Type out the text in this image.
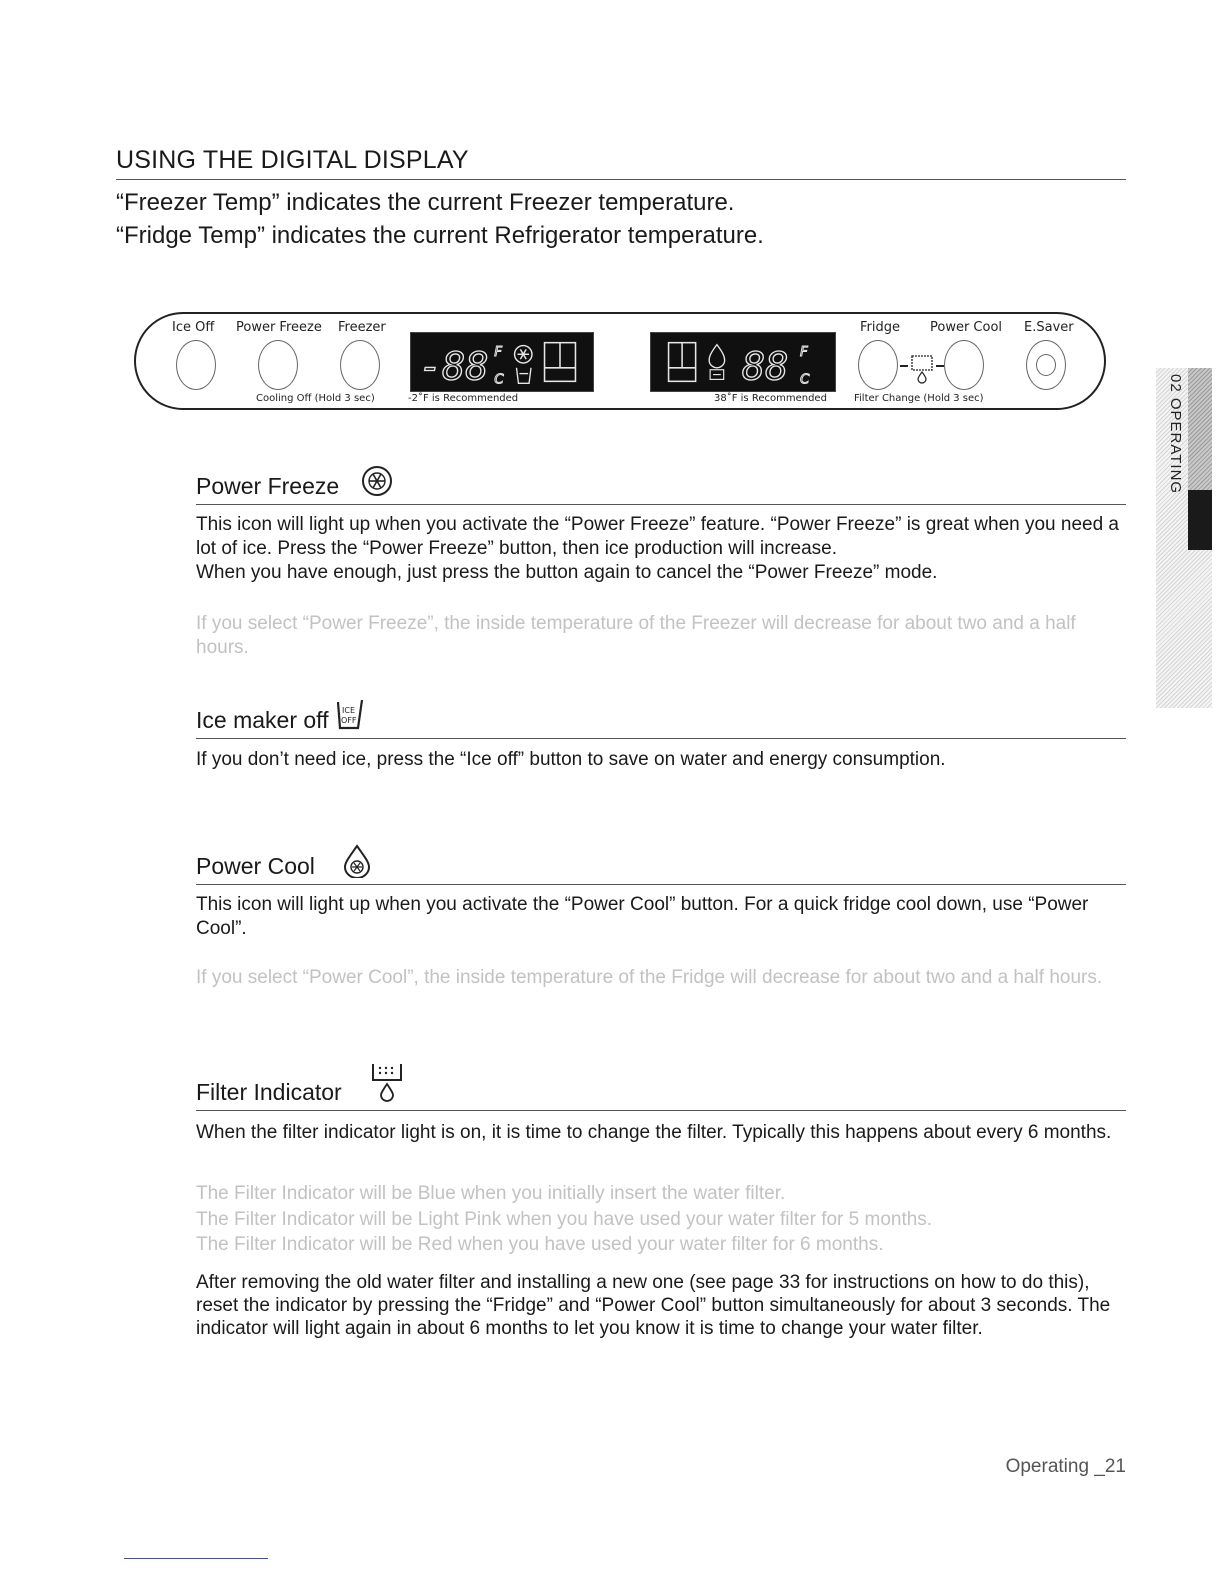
USING THE DIGITAL DISPLAY
“Freezer Temp” indicates the current Freezer temperature.
“Fridge Temp” indicates the current Refrigerator temperature.
Ice Off Power Freeze Freezer	Fridge Power Cool E.Saver
-88 F
C
Cooling Off (Hold 3 sec)	-2˚F is Recommended
88 F
C
38˚F is Recommended	Filter Change (Hold 3 sec)	02 OPERATING
Power Freeze
This icon will light up when you activate the “Power Freeze” feature. “Power Freeze” is great when you need a lot of ice. Press the “Power Freeze” button, then ice production will increase.
When you have enough, just press the button again to cancel the “Power Freeze” mode.
If you select “Power Freeze”, the inside temperature of the Freezer will decrease for about two and a half hours.
Ice maker off ICE
OFF
If you don’t need ice, press the “Ice off” button to save on water and energy consumption.
Power Cool
This icon will light up when you activate the “Power Cool” button. For a quick fridge cool down, use “Power Cool”.
If you select “Power Cool”, the inside temperature of the Fridge will decrease for about two and a half hours.
Filter Indicator
When the filter indicator light is on, it is time to change the filter. Typically this happens about every 6 months.
The Filter Indicator will be Blue when you initially insert the water filter.
The Filter Indicator will be Light Pink when you have used your water filter for 5 months.
The Filter Indicator will be Red when you have used your water filter for 6 months.
After removing the old water filter and installing a new one (see page 33 for instructions on how to do this), reset the indicator by pressing the “Fridge” and “Power Cool” button simultaneously for about 3 seconds. The indicator will light again in about 6 months to let you know it is time to change your water filter.
Operating _21
